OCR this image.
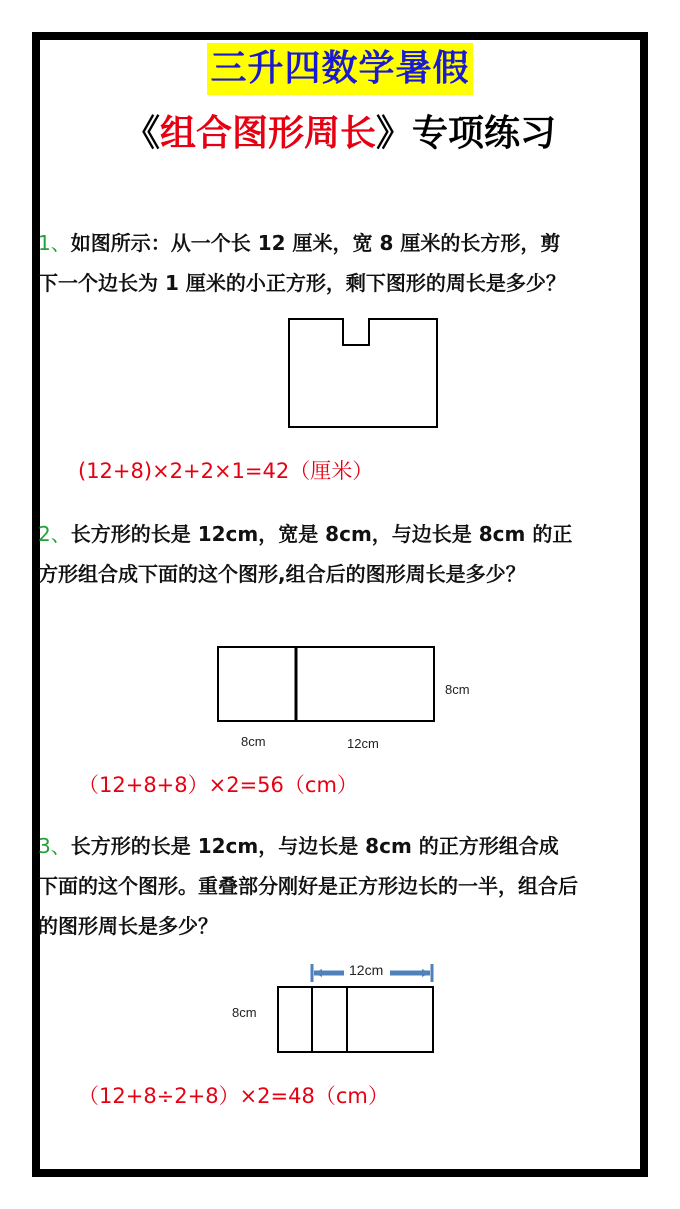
三升四数学暑假
《组合图形周长》专项练习
1、如图所示：从一个长 12 厘米，宽 8 厘米的长方形，剪下一个边长为 1 厘米的小正方形，剩下图形的周长是多少？
(12+8)×2+2×1=42（厘米）
2、长方形的长是 12cm，宽是 8cm，与边长是 8cm 的正方形组合成下面的这个图形,组合后的图形周长是多少？
8cm
8cm	12cm
（12+8+8）×2=56（cm）
3、长方形的长是 12cm，与边长是 8cm 的正方形组合成下面的这个图形。重叠部分刚好是正方形边长的一半，组合后的图形周长是多少？
12cm
8cm
（12+8÷2+8）×2=48（cm）
